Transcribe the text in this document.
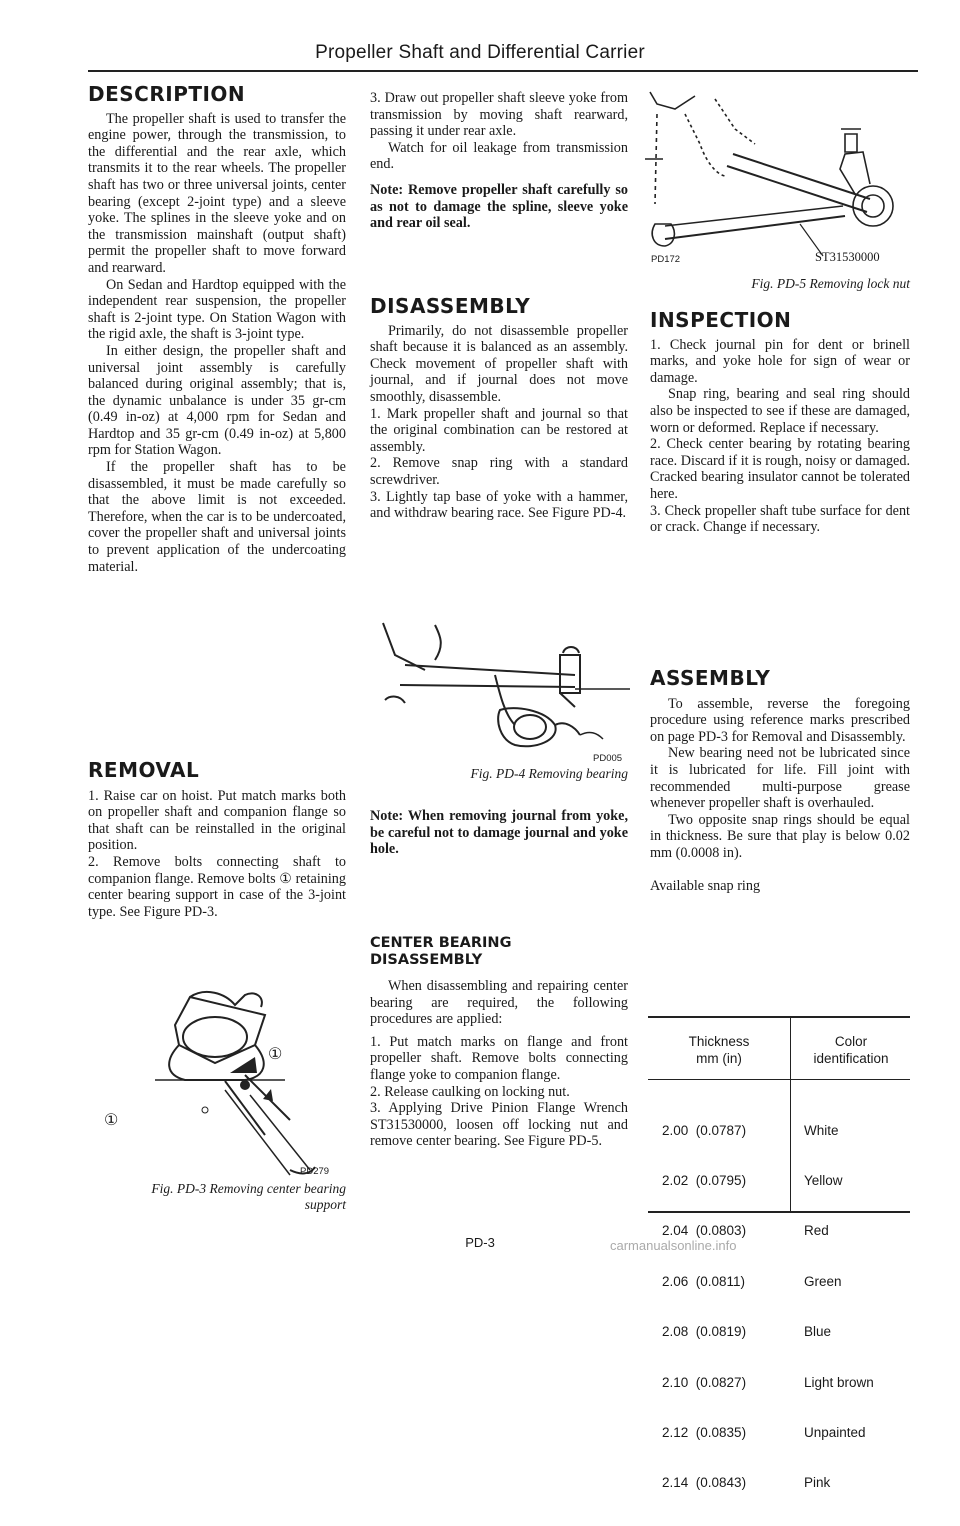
Propeller Shaft and Differential Carrier
DESCRIPTION

The propeller shaft is used to transfer the engine power, through the transmission, to the differential and the rear axle, which transmits it to the rear wheels. The propeller shaft has two or three universal joints, center bearing (except 2-joint type) and a sleeve yoke. The splines in the sleeve yoke and on the transmission mainshaft (output shaft) permit the propeller shaft to move forward and rearward.

On Sedan and Hardtop equipped with the independent rear suspension, the propeller shaft is 2-joint type. On Station Wagon with the rigid axle, the shaft is 3-joint type.

In either design, the propeller shaft and universal joint assembly is carefully balanced during original assembly; that is, the dynamic unbalance is under 35 gr-cm (0.49 in-oz) at 4,000 rpm for Sedan and Hardtop and 35 gr-cm (0.49 in-oz) at 5,800 rpm for Station Wagon.

If the propeller shaft has to be disassembled, it must be made carefully so that the above limit is not exceeded. Therefore, when the car is to be undercoated, cover the propeller shaft and universal joints to prevent application of the undercoating material.

REMOVAL

1. Raise car on hoist. Put match marks both on propeller shaft and companion flange so that shaft can be reinstalled in the original position.

2. Remove bolts connecting shaft to companion flange. Remove bolts ① retaining center bearing support in case of the 3-joint type. See Figure PD-3.

①
①
PD279
Fig. PD-3 Removing center bearing
support

3. Draw out propeller shaft sleeve yoke from transmission by moving shaft rearward, passing it under rear axle.

Watch for oil leakage from transmission end.

Note: Remove propeller shaft carefully so as not to damage the spline, sleeve yoke and rear oil seal.

DISASSEMBLY

Primarily, do not disassemble propeller shaft because it is balanced as an assembly. Check movement of propeller shaft with journal, and if journal does not move smoothly, disassemble.

1. Mark propeller shaft and journal so that the original combination can be restored at assembly.

2. Remove snap ring with a standard screwdriver.

3. Lightly tap base of yoke with a hammer, and withdraw bearing race. See Figure PD-4.

PD005
Fig. PD-4 Removing bearing

Note: When removing journal from yoke, be careful not to damage journal and yoke hole.

CENTER BEARING
DISASSEMBLY

When disassembling and repairing center bearing are required, the following procedures are applied:

1. Put match marks on flange and front propeller shaft. Remove bolts connecting flange yoke to companion flange.

2. Release caulking on locking nut.

3. Applying Drive Pinion Flange Wrench ST31530000, loosen off locking nut and remove center bearing. See Figure PD-5.

PD-3
PD172	ST31530000
Fig. PD-5 Removing lock nut
INSPECTION

1. Check journal pin for dent or brinell marks, and yoke hole for sign of wear or damage.

Snap ring, bearing and seal ring should also be inspected to see if these are damaged, worn or deformed. Replace if necessary.

2. Check center bearing by rotating bearing race. Discard if it is rough, noisy or damaged. Cracked bearing insulator cannot be tolerated here.

3. Check propeller shaft tube surface for dent or crack. Change if necessary.

ASSEMBLY

To assemble, reverse the foregoing procedure using reference marks prescribed on page PD-3 for Removal and Disassembly.

New bearing need not be lubricated since it is lubricated for life. Fill joint with recommended multi-purpose grease whenever propeller shaft is overhauled.

Two opposite snap rings should be equal in thickness. Be sure that play is below 0.02 mm (0.0008 in).

Available snap ring

Thickness
mm (in)
Color
identification

2.00  (0.0787)	White

2.02  (0.0795)	Yellow

2.04  (0.0803)	Red

2.06  (0.0811)	Green

2.08  (0.0819)	Blue

2.10  (0.0827)	Light brown

2.12  (0.0835)	Unpainted

2.14  (0.0843)	Pink

carmanualsonline.info
